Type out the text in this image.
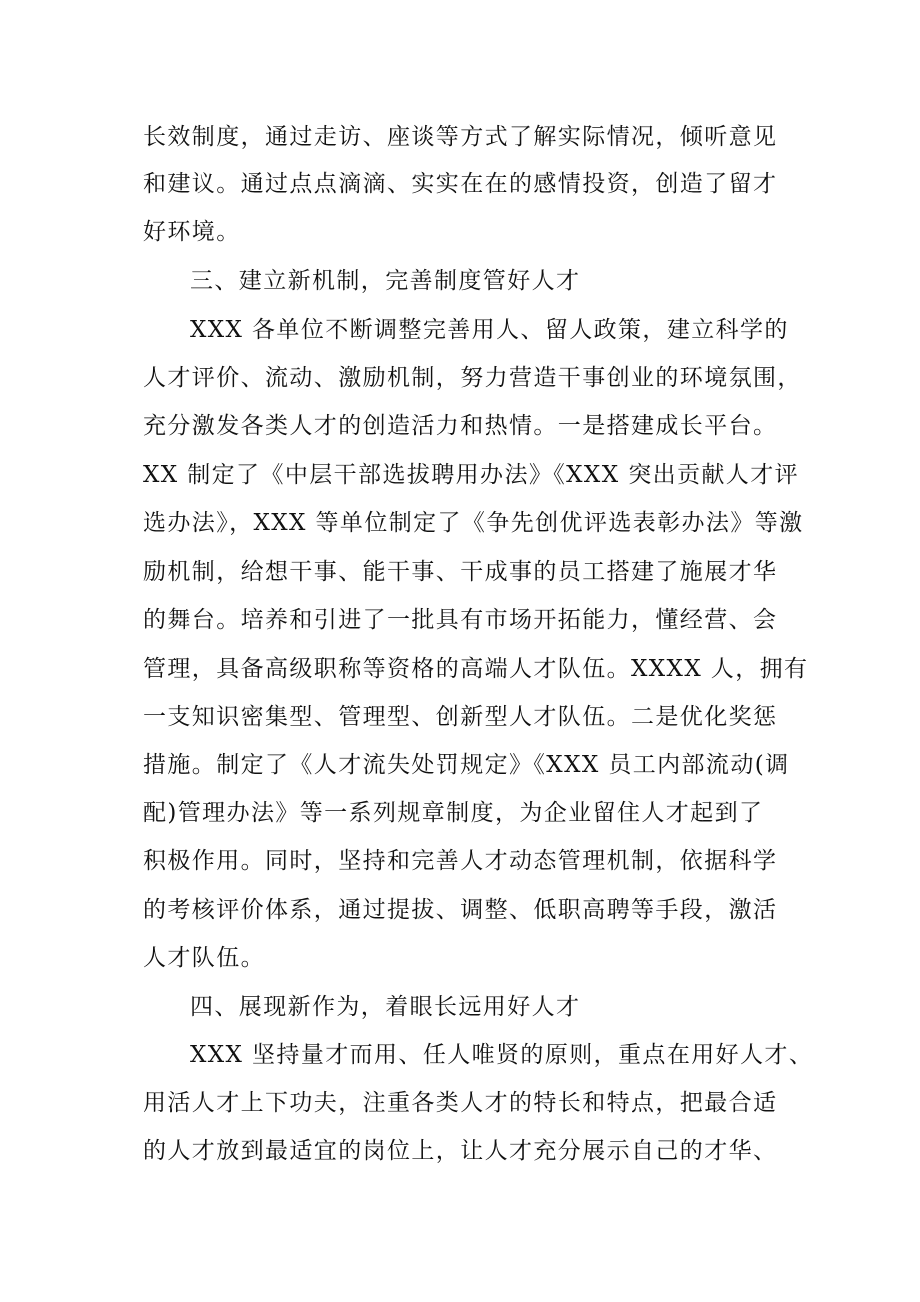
长效制度，通过走访、座谈等方式了解实际情况，倾听意见
和建议。通过点点滴滴、实实在在的感情投资，创造了留才
好环境。
三、建立新机制，完善制度管好人才
XXX 各单位不断调整完善用人、留人政策，建立科学的
人才评价、流动、激励机制，努力营造干事创业的环境氛围，
充分激发各类人才的创造活力和热情。一是搭建成长平台。
XX 制定了《中层干部选拔聘用办法》《XXX 突出贡献人才评
选办法》，XXX 等单位制定了《争先创优评选表彰办法》等激
励机制，给想干事、能干事、干成事的员工搭建了施展才华
的舞台。培养和引进了一批具有市场开拓能力，懂经营、会
管理，具备高级职称等资格的高端人才队伍。XXXX 人，拥有
一支知识密集型、管理型、创新型人才队伍。二是优化奖惩
措施。制定了《人才流失处罚规定》《XXX 员工内部流动(调
配)管理办法》等一系列规章制度，为企业留住人才起到了
积极作用。同时，坚持和完善人才动态管理机制，依据科学
的考核评价体系，通过提拔、调整、低职高聘等手段，激活
人才队伍。
四、展现新作为，着眼长远用好人才
XXX 坚持量才而用、任人唯贤的原则，重点在用好人才、
用活人才上下功夫，注重各类人才的特长和特点，把最合适
的人才放到最适宜的岗位上，让人才充分展示自己的才华、
